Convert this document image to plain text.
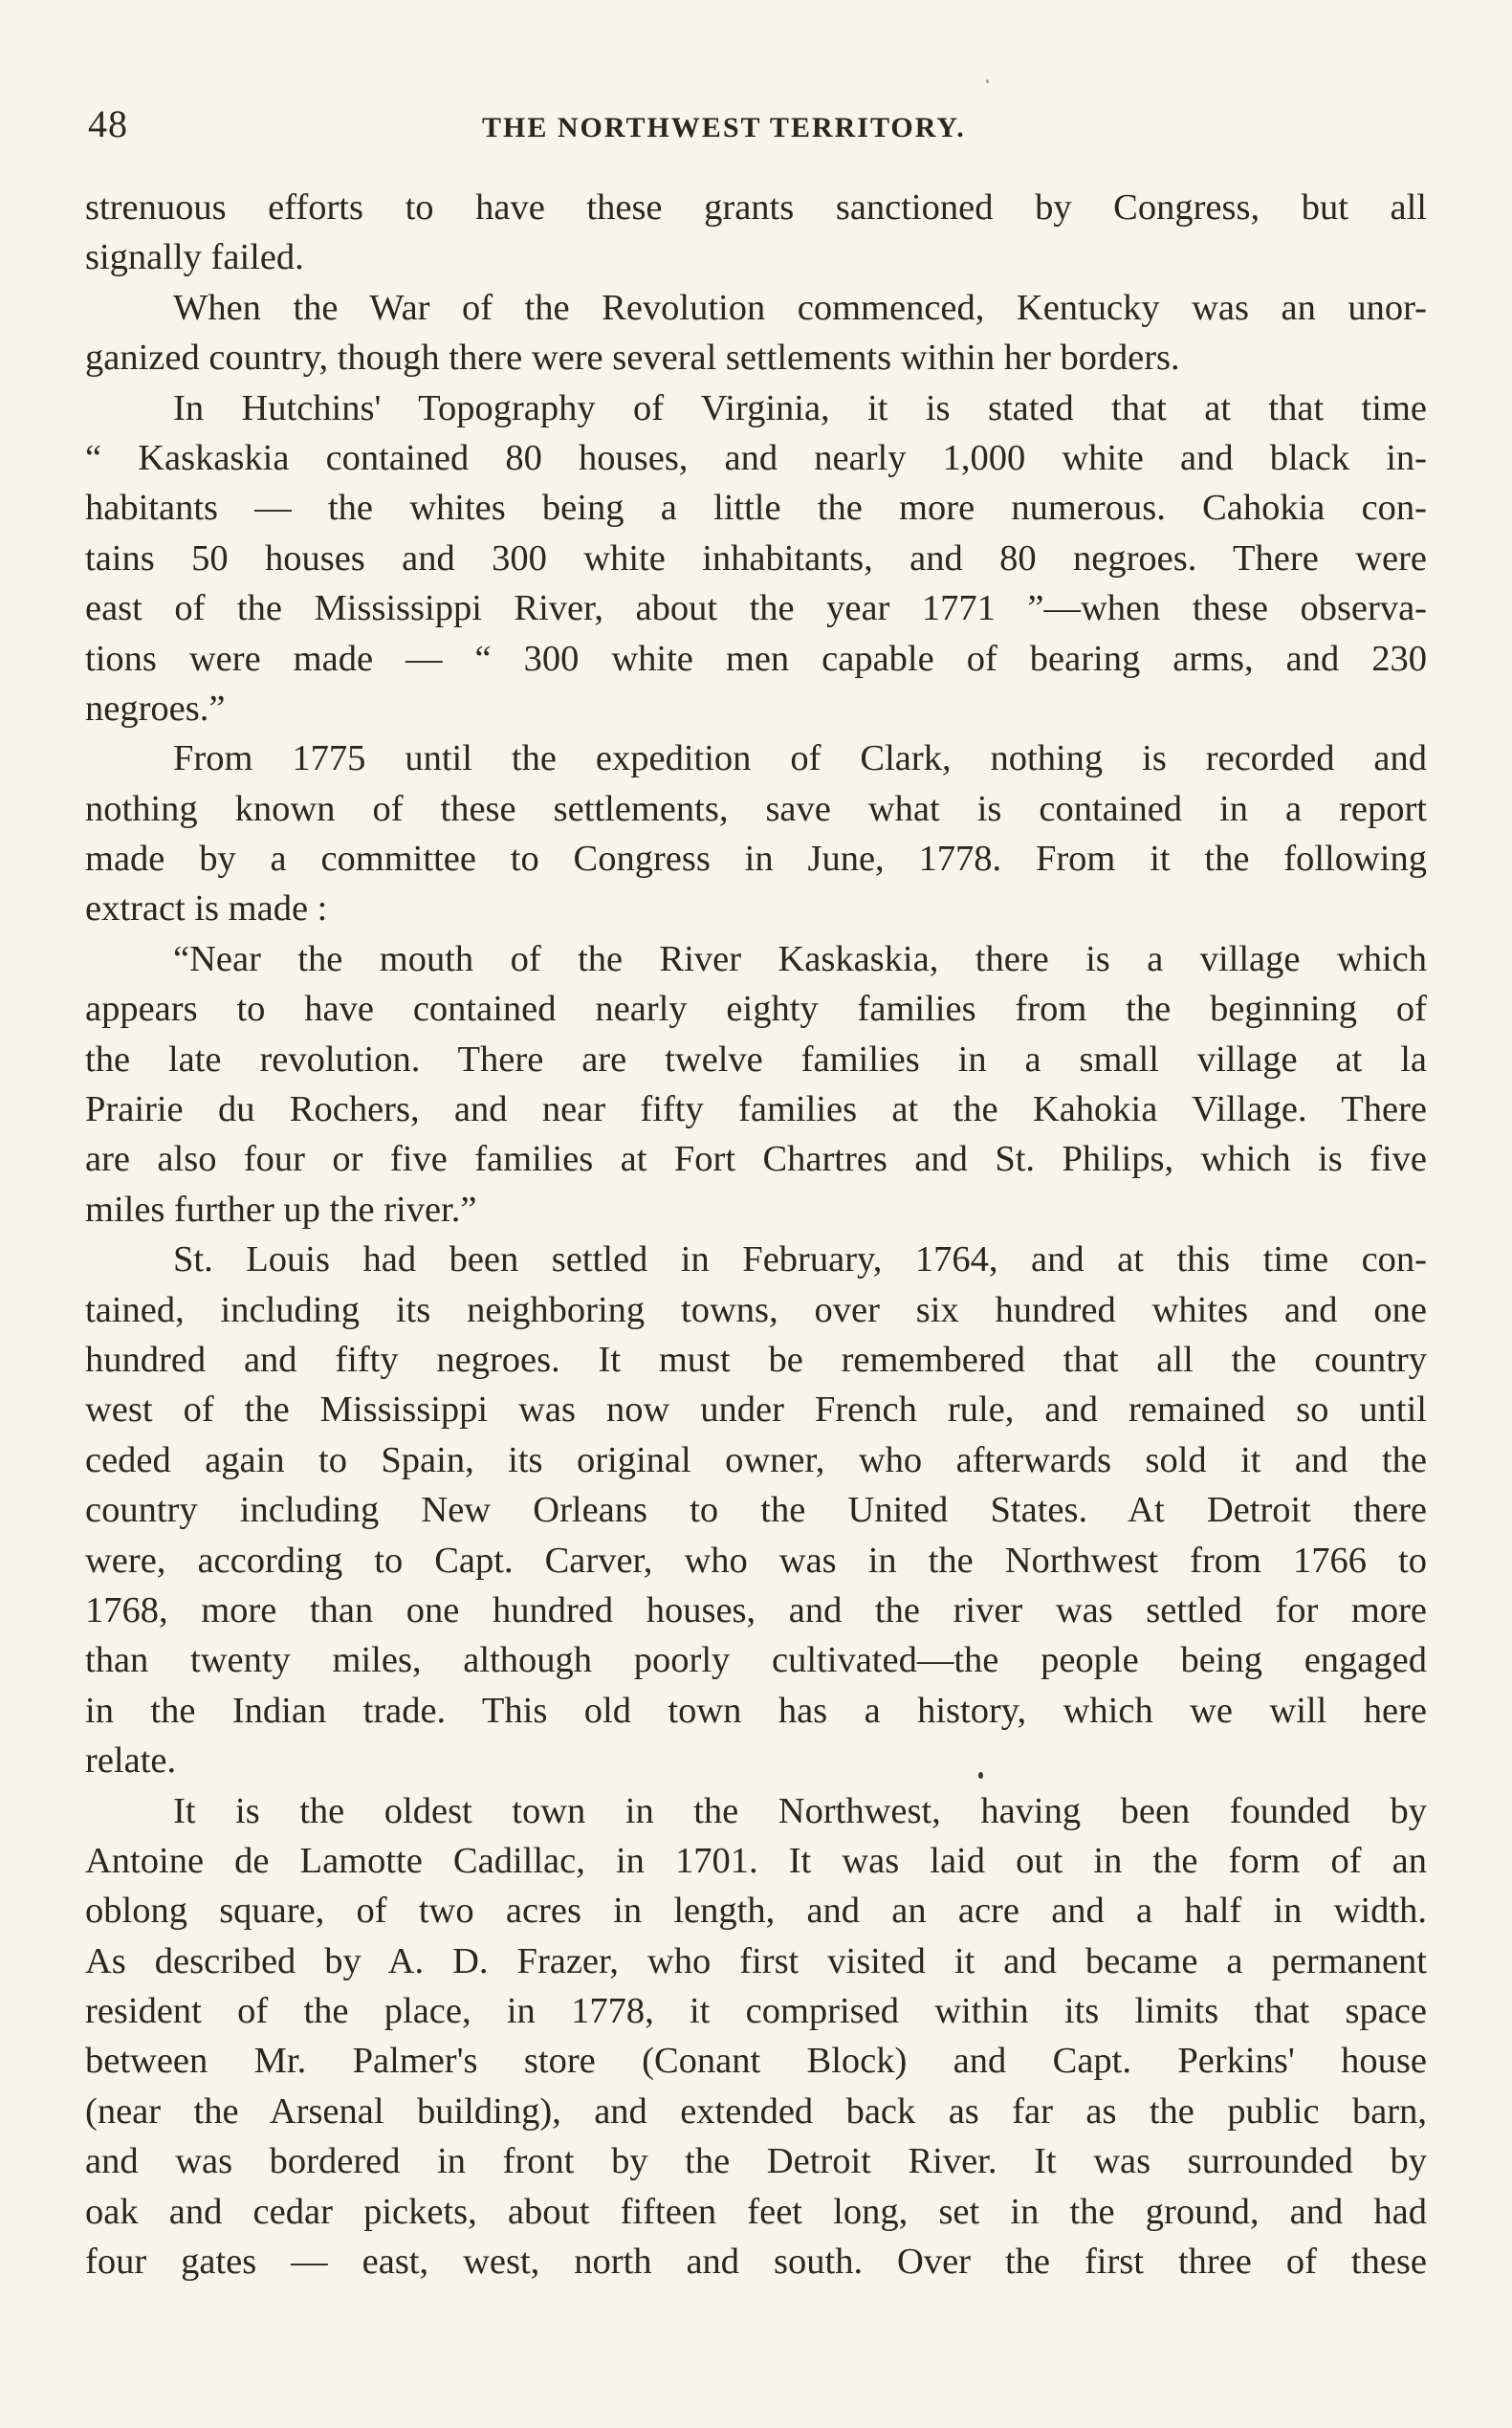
48	THE NORTHWEST TERRITORY.
strenuous efforts to have these grants sanctioned by Congress, but all
signally failed.
When the War of the Revolution commenced, Kentucky was an unor-
ganized country, though there were several settlements within her borders.
In Hutchins' Topography of Virginia, it is stated that at that time
“ Kaskaskia contained 80 houses, and nearly 1,000 white and black in-
habitants — the whites being a little the more numerous. Cahokia con-
tains 50 houses and 300 white inhabitants, and 80 negroes. There were
east of the Mississippi River, about the year 1771 ”—when these observa-
tions were made — “ 300 white men capable of bearing arms, and 230
negroes.”
From 1775 until the expedition of Clark, nothing is recorded and
nothing known of these settlements, save what is contained in a report
made by a committee to Congress in June, 1778. From it the following
extract is made :
“Near the mouth of the River Kaskaskia, there is a village which
appears to have contained nearly eighty families from the beginning of
the late revolution. There are twelve families in a small village at la
Prairie du Rochers, and near fifty families at the Kahokia Village. There
are also four or five families at Fort Chartres and St. Philips, which is five
miles further up the river.”
St. Louis had been settled in February, 1764, and at this time con-
tained, including its neighboring towns, over six hundred whites and one
hundred and fifty negroes. It must be remembered that all the country
west of the Mississippi was now under French rule, and remained so until
ceded again to Spain, its original owner, who afterwards sold it and the
country including New Orleans to the United States. At Detroit there
were, according to Capt. Carver, who was in the Northwest from 1766 to
1768, more than one hundred houses, and the river was settled for more
than twenty miles, although poorly cultivated—the people being engaged
in the Indian trade. This old town has a history, which we will here
relate.
It is the oldest town in the Northwest, having been founded by
Antoine de Lamotte Cadillac, in 1701. It was laid out in the form of an
oblong square, of two acres in length, and an acre and a half in width.
As described by A. D. Frazer, who first visited it and became a permanent
resident of the place, in 1778, it comprised within its limits that space
between Mr. Palmer's store (Conant Block) and Capt. Perkins' house
(near the Arsenal building), and extended back as far as the public barn,
and was bordered in front by the Detroit River. It was surrounded by
oak and cedar pickets, about fifteen feet long, set in the ground, and had
four gates — east, west, north and south. Over the first three of these
